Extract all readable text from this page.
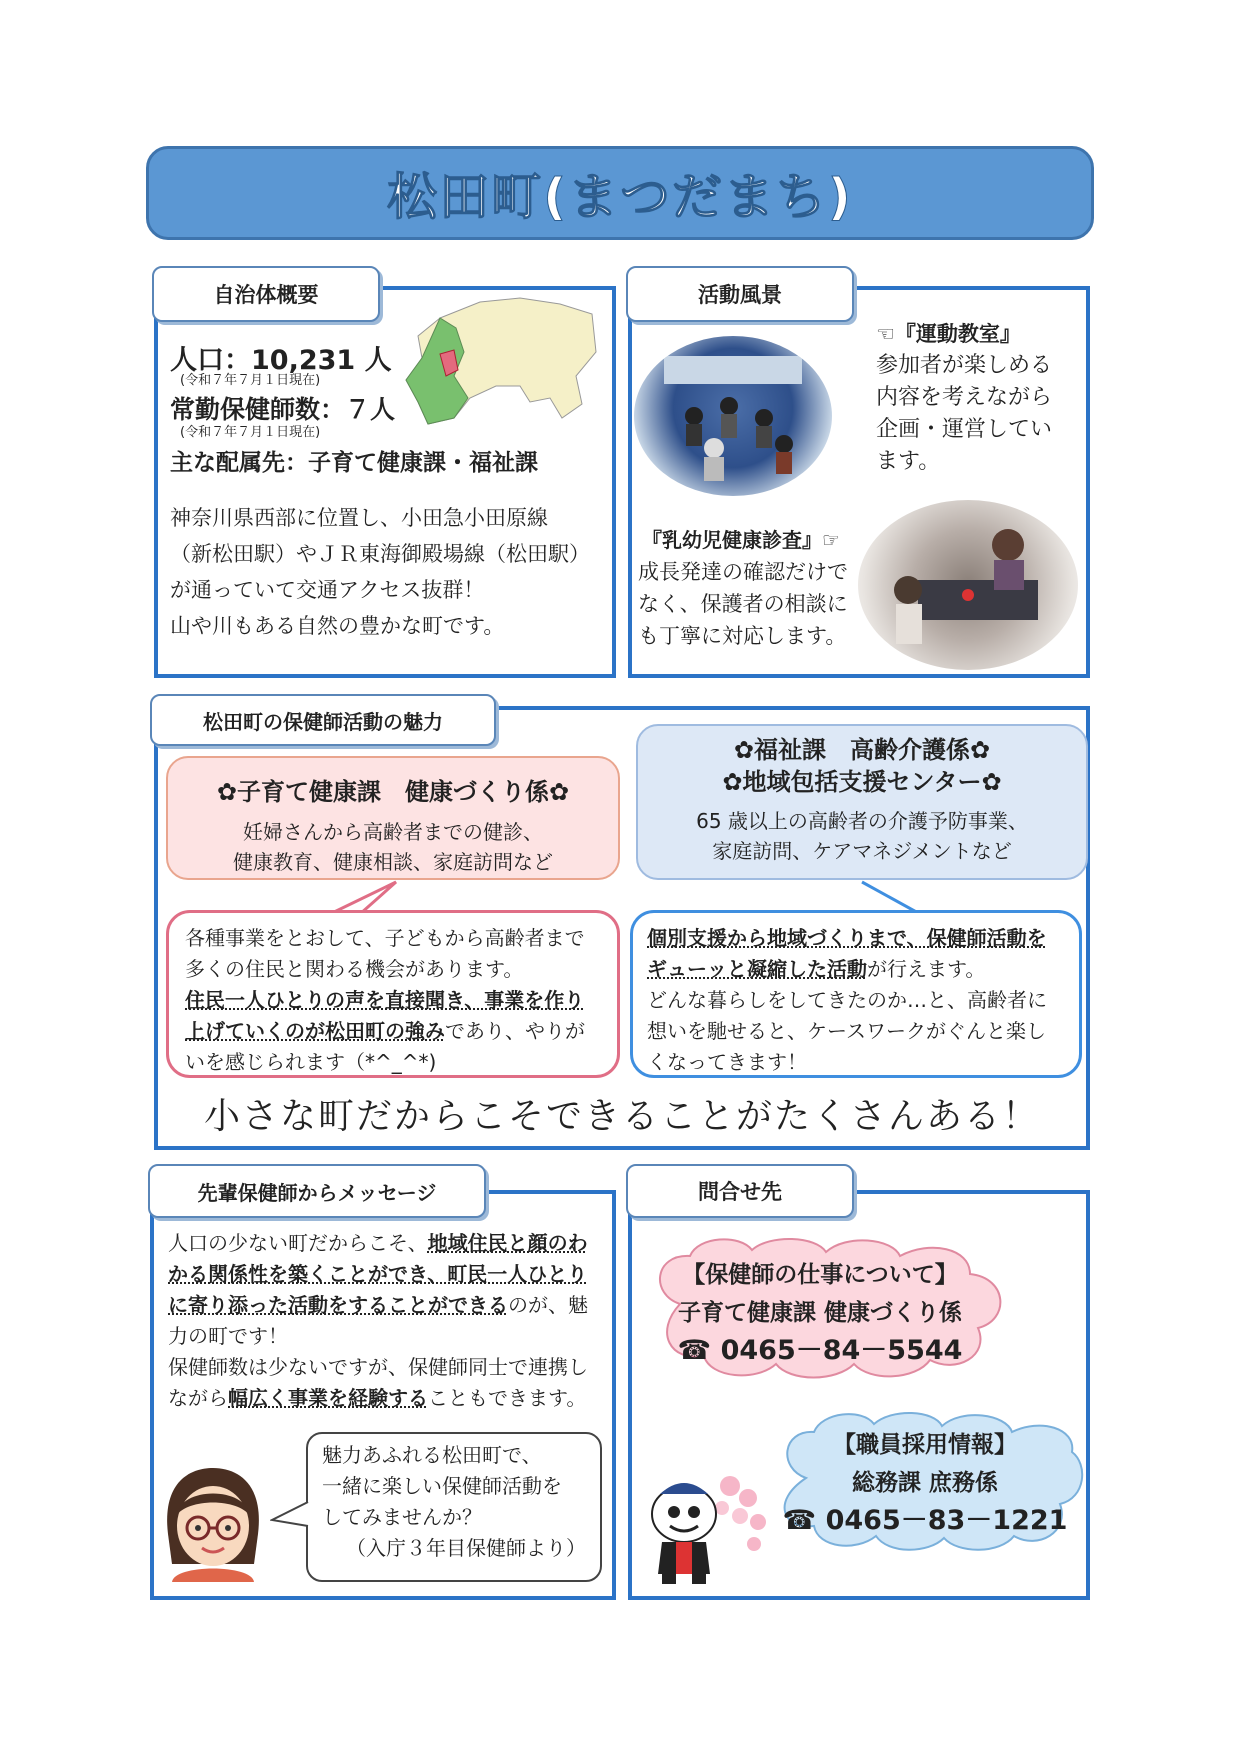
松田町(まつだまち)
自治体概要
人口：10,231 人
(令和７年７月１日現在)
常勤保健師数：７人
(令和７年７月１日現在)
主な配属先：子育て健康課・福祉課
神奈川県西部に位置し、小田急小田原線
（新松田駅）やＪＲ東海御殿場線（松田駅）
が通っていて交通アクセス抜群！
山や川もある自然の豊かな町です。
活動風景
☜『運動教室』
参加者が楽しめる
内容を考えながら
企画・運営してい
ます。
『乳幼児健康診査』☞
成長発達の確認だけで
なく、保護者の相談に
も丁寧に対応します。
松田町の保健師活動の魅力
✿子育て健康課　健康づくり係✿
妊婦さんから高齢者までの健診、
健康教育、健康相談、家庭訪問など
✿福祉課　高齢介護係✿
✿地域包括支援センター✿
65 歳以上の高齢者の介護予防事業、
家庭訪問、ケアマネジメントなど
各種事業をとおして、子どもから高齢者まで多くの住民と関わる機会があります。
住民一人ひとりの声を直接聞き、事業を作り上げていくのが松田町の強みであり、やりがいを感じられます（*^_^*)
個別支援から地域づくりまで、保健師活動をギューッと凝縮した活動が行えます。
どんな暮らしをしてきたのか…と、高齢者に想いを馳せると、ケースワークがぐんと楽しくなってきます！
小さな町だからこそできることがたくさんある！
先輩保健師からメッセージ
人口の少ない町だからこそ、地域住民と顔のわかる関係性を築くことができ、町民一人ひとりに寄り添った活動をすることができるのが、魅力の町です！
保健師数は少ないですが、保健師同士で連携しながら幅広く事業を経験することもできます。
魅力あふれる松田町で、
一緒に楽しい保健師活動を
してみませんか？
（入庁３年目保健師より）
問合せ先
【保健師の仕事について】
子育て健康課 健康づくり係
☎ 0465－84－5544
【職員採用情報】
総務課 庶務係
☎ 0465－83－1221
